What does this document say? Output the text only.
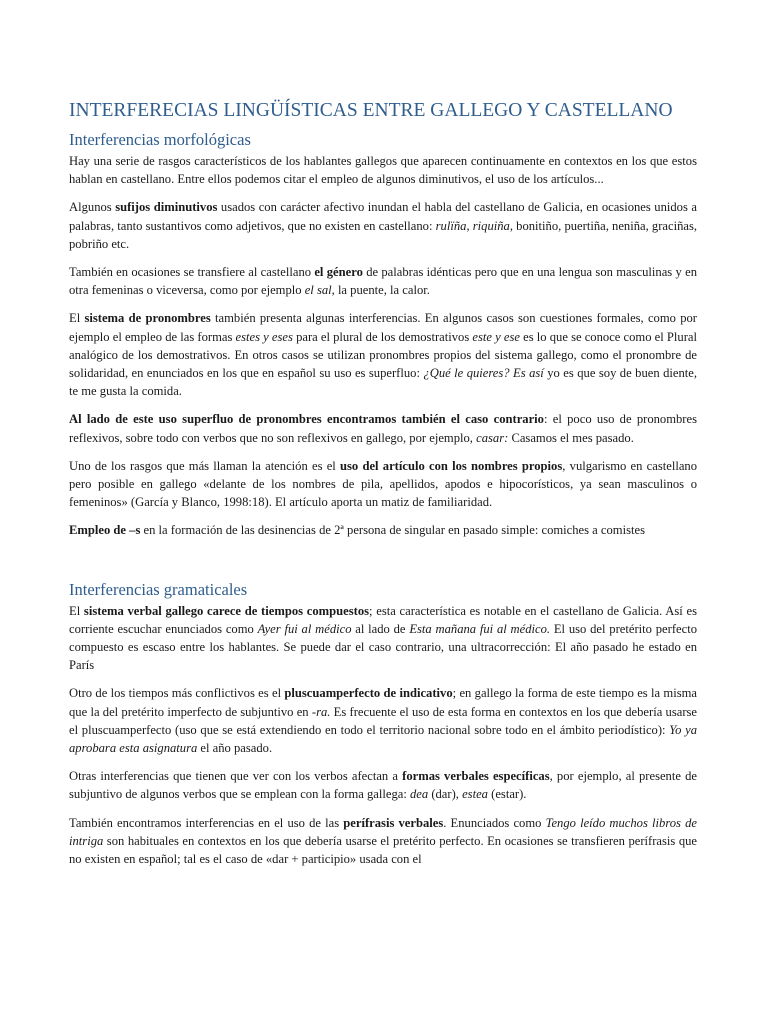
INTERFERECIAS LINGÜÍSTICAS ENTRE GALLEGO Y CASTELLANO
Interferencias morfológicas

Hay una serie de rasgos característicos de los hablantes gallegos que aparecen continuamente en contextos en los que estos hablan en castellano. Entre ellos podemos citar el empleo de algunos diminutivos, el uso de los artículos...

Algunos sufijos diminutivos usados con carácter afectivo inundan el habla del castellano de Galicia, en ocasiones unidos a palabras, tanto sustantivos como adjetivos, que no existen en castellano: rulïña, riquiña, bonitiño, puertiña, neniña, graciñas, pobriño etc.

También en ocasiones se transfiere al castellano el género de palabras idénticas pero que en una lengua son masculinas y en otra femeninas o viceversa, como por ejemplo el sal, la puente, la calor.

El sistema de pronombres también presenta algunas interferencias. En algunos casos son cuestiones formales, como por ejemplo el empleo de las formas estes y eses para el plural de los demostrativos este y ese es lo que se conoce como el Plural analógico de los demostrativos. En otros casos se utilizan pronombres propios del sistema gallego, como el pronombre de solidaridad, en enunciados en los que en español su uso es superfluo: ¿Qué le quieres? Es así yo es que soy de buen diente, te me gusta la comida.

Al lado de este uso superfluo de pronombres encontramos también el caso contrario: el poco uso de pronombres reflexivos, sobre todo con verbos que no son reflexivos en gallego, por ejemplo, casar: Casamos el mes pasado.

Uno de los rasgos que más llaman la atención es el uso del artículo con los nombres propios, vulgarismo en castellano pero posible en gallego «delante de los nombres de pila, apellidos, apodos e hipocorísticos, ya sean masculinos o femeninos» (García y Blanco, 1998:18). El artículo aporta un matiz de familiaridad.

Empleo de –s en la formación de las desinencias de 2ª persona de singular en pasado simple: comiches a comistes

Interferencias gramaticales

El sistema verbal gallego carece de tiempos compuestos; esta característica es notable en el castellano de Galicia. Así es corriente escuchar enunciados como Ayer fui al médico al lado de Esta mañana fui al médico. El uso del pretérito perfecto compuesto es escaso entre los hablantes. Se puede dar el caso contrario, una ultracorrección: El año pasado he estado en París

Otro de los tiempos más conflictivos es el pluscuamperfecto de indicativo; en gallego la forma de este tiempo es la misma que la del pretérito imperfecto de subjuntivo en -ra. Es frecuente el uso de esta forma en contextos en los que debería usarse el pluscuamperfecto (uso que se está extendiendo en todo el territorio nacional sobre todo en el ámbito periodístico): Yo ya aprobara esta asignatura el año pasado.

Otras interferencias que tienen que ver con los verbos afectan a formas verbales específicas, por ejemplo, al presente de subjuntivo de algunos verbos que se emplean con la forma gallega: dea (dar), estea (estar).

También encontramos interferencias en el uso de las perífrasis verbales. Enunciados como Tengo leído muchos libros de intriga son habituales en contextos en los que debería usarse el pretérito perfecto. En ocasiones se transfieren perífrasis que no existen en español; tal es el caso de «dar + participio» usada con el
